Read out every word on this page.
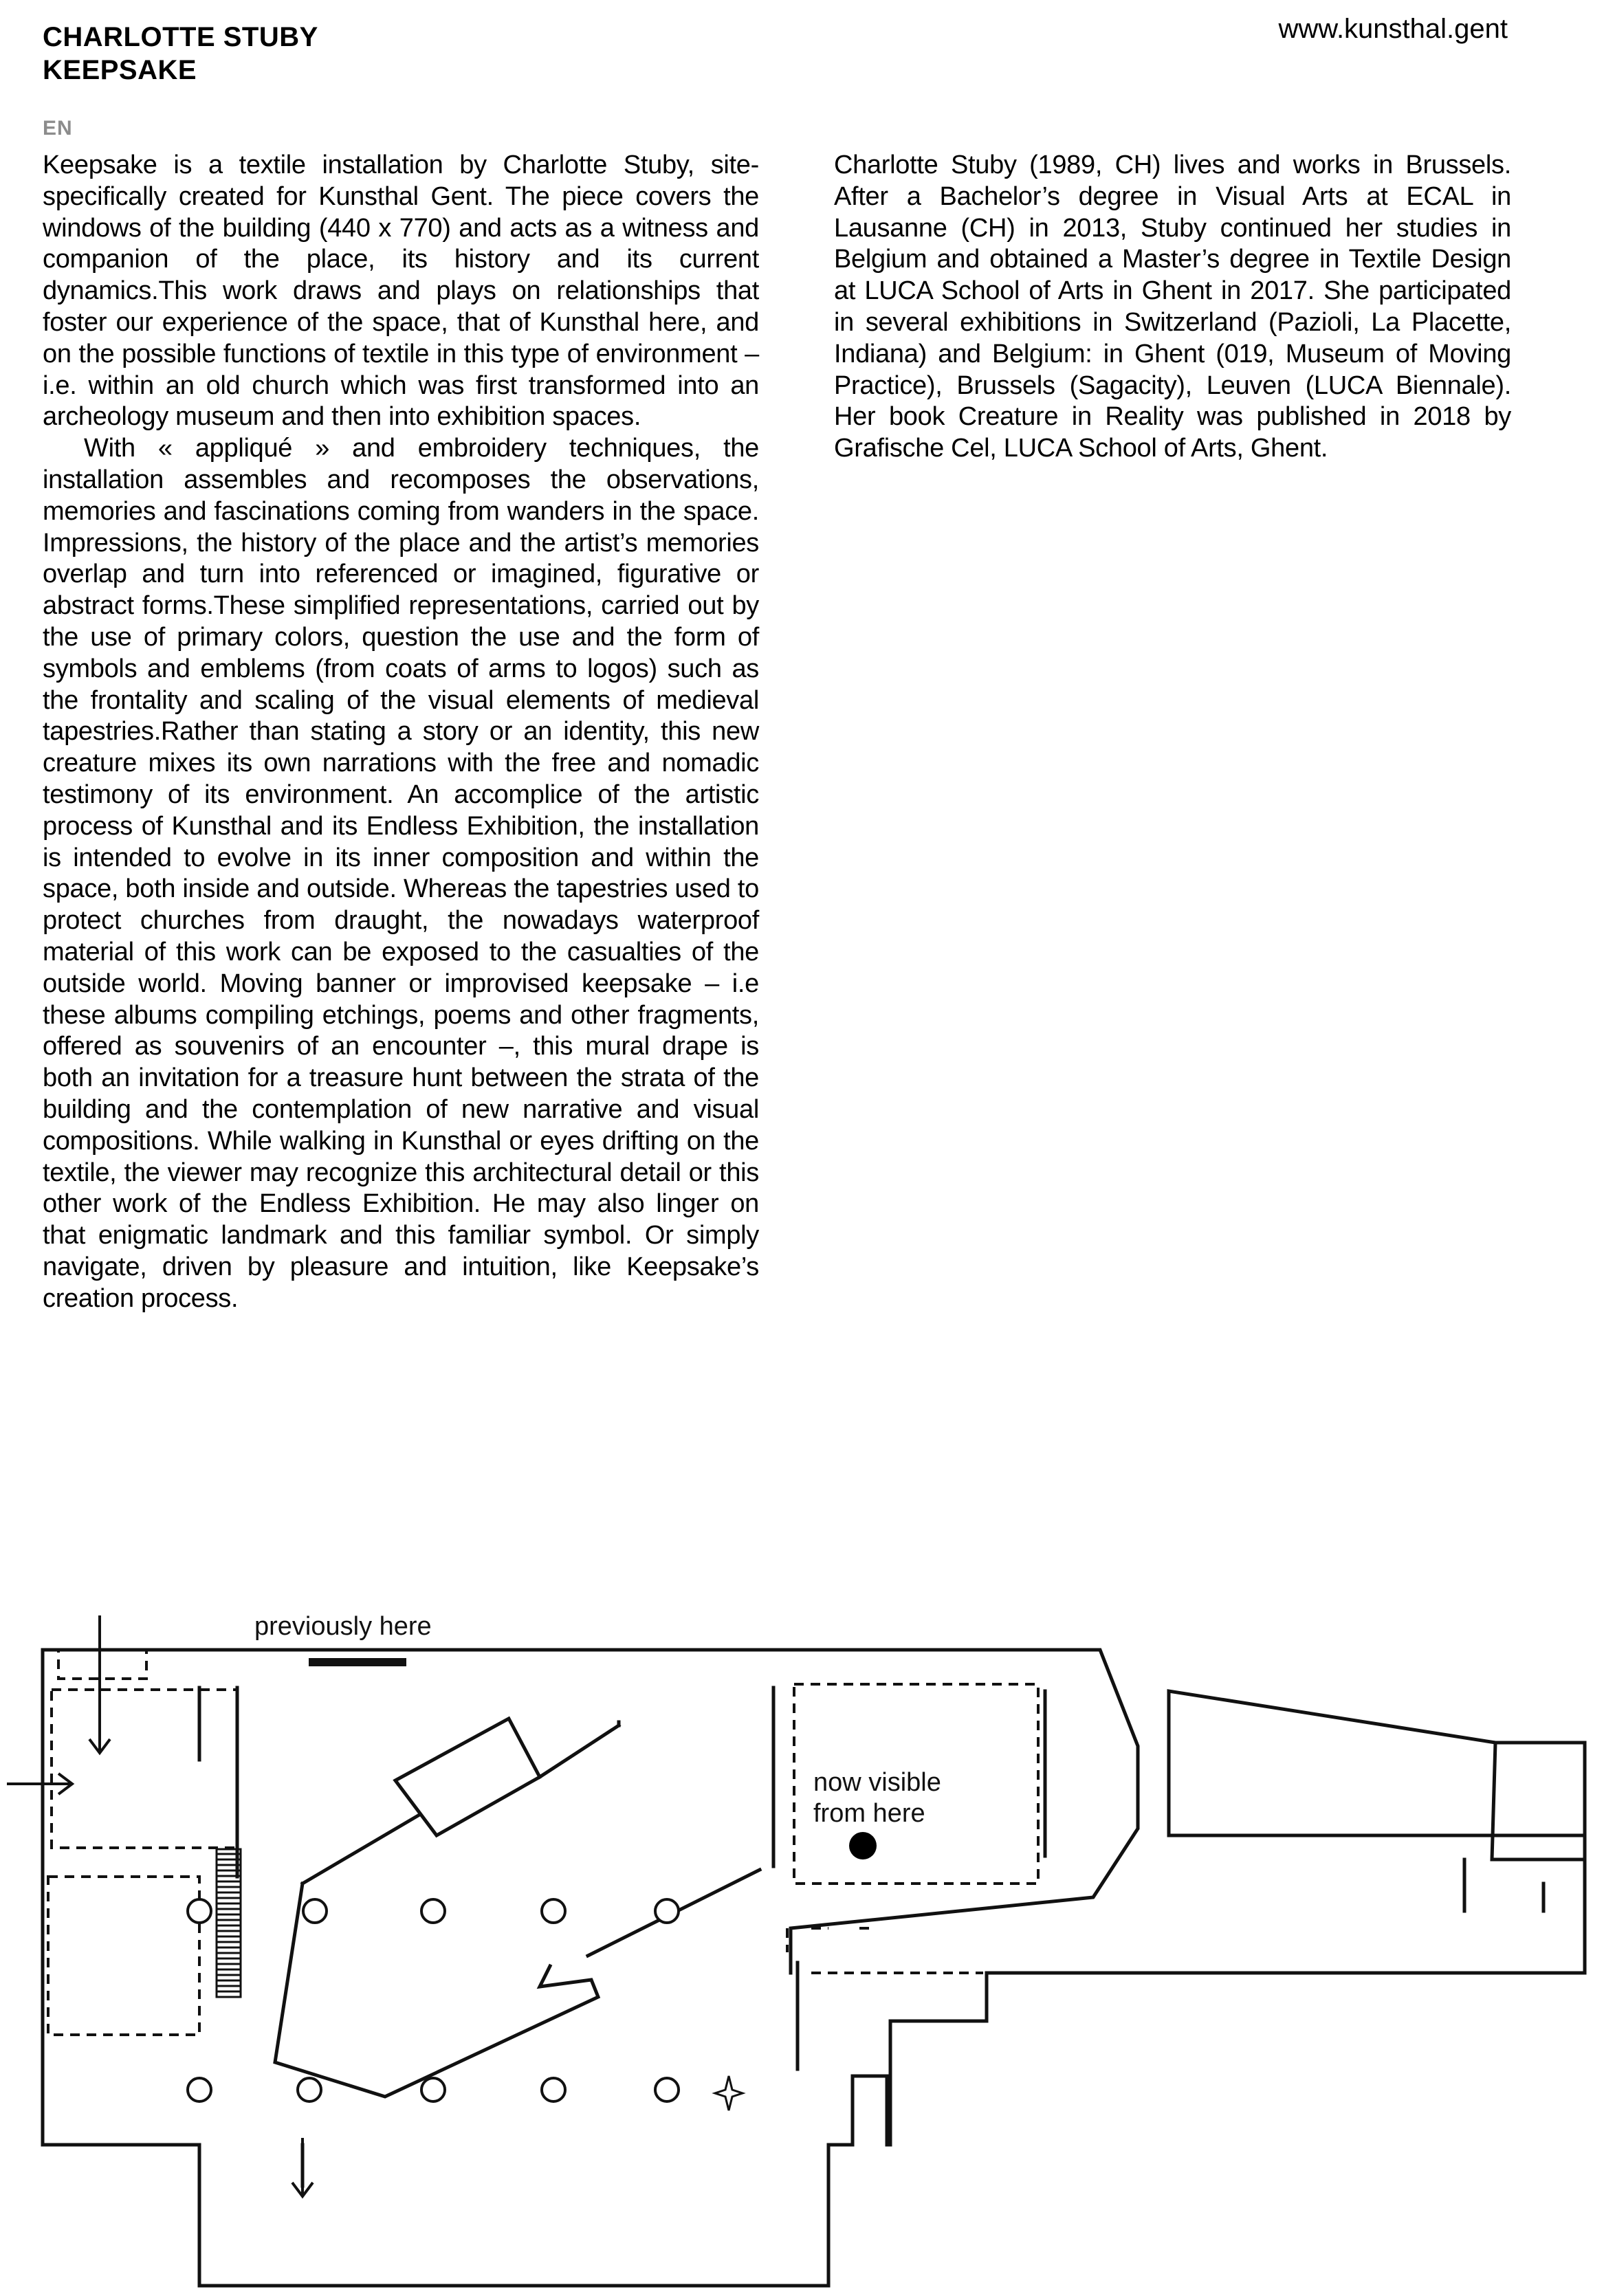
CHARLOTTE STUBY
KEEPSAKE
www.kunsthal.gent
EN

Keepsake is a textile installation by Charlotte Stuby, site-specifically created for Kunsthal Gent. The piece covers the windows of the building (440 x 770) and acts as a witness and companion of the place, its history and its current dynamics.This work draws and plays on relationships that foster our experience of the space, that of Kunsthal here, and on the possible functions of textile in this type of environment – i.e. within an old church which was first transformed into an archeology museum and then into exhibition spaces.

With « appliqué » and embroidery techniques, the installation assembles and recomposes the observations, memories and fascinations coming from wanders in the space. Impressions, the history of the place and the artist’s memories overlap and turn into referenced or imagined, figurative or abstract forms.These simplified representations, carried out by the use of primary colors, question the use and the form of symbols and emblems (from coats of arms to logos) such as the frontality and scaling of the visual elements of medieval tapestries.Rather than stating a story or an identity, this new creature mixes its own narrations with the free and nomadic testimony of its environment. An accomplice of the artistic process of Kunsthal and its Endless Exhibition, the installation is intended to evolve in its inner composition and within the space, both inside and outside. Whereas the tapestries used to protect churches from draught, the nowadays waterproof material of this work can be exposed to the casualties of the outside world. Moving banner or improvised keepsake – i.e these albums compiling etchings, poems and other fragments, offered as souvenirs of an encounter –, this mural drape is both an invitation for a treasure hunt between the strata of the building and the contemplation of new narrative and visual compositions. While walking in Kunsthal or eyes drifting on the textile, the viewer may recognize this architectural detail or this other work of the Endless Exhibition. He may also linger on that enigmatic landmark and this familiar symbol. Or simply navigate, driven by pleasure and intuition, like Keepsake’s creation process.

Charlotte Stuby (1989, CH) lives and works in Brussels. After a Bachelor’s degree in Visual Arts at ECAL in Lausanne (CH) in 2013, Stuby continued her studies in Belgium and obtained a Master’s degree in Textile Design at LUCA School of Arts in Ghent in 2017. She participated in several exhibitions in Switzerland (Pazioli, La Placette, Indiana) and Belgium: in Ghent (019, Museum of Moving Practice), Brussels (Sagacity), Leuven (LUCA Biennale). Her book Creature in Reality was published in 2018 by Grafische Cel, LUCA School of Arts, Ghent.

previously here
now visible
from here
